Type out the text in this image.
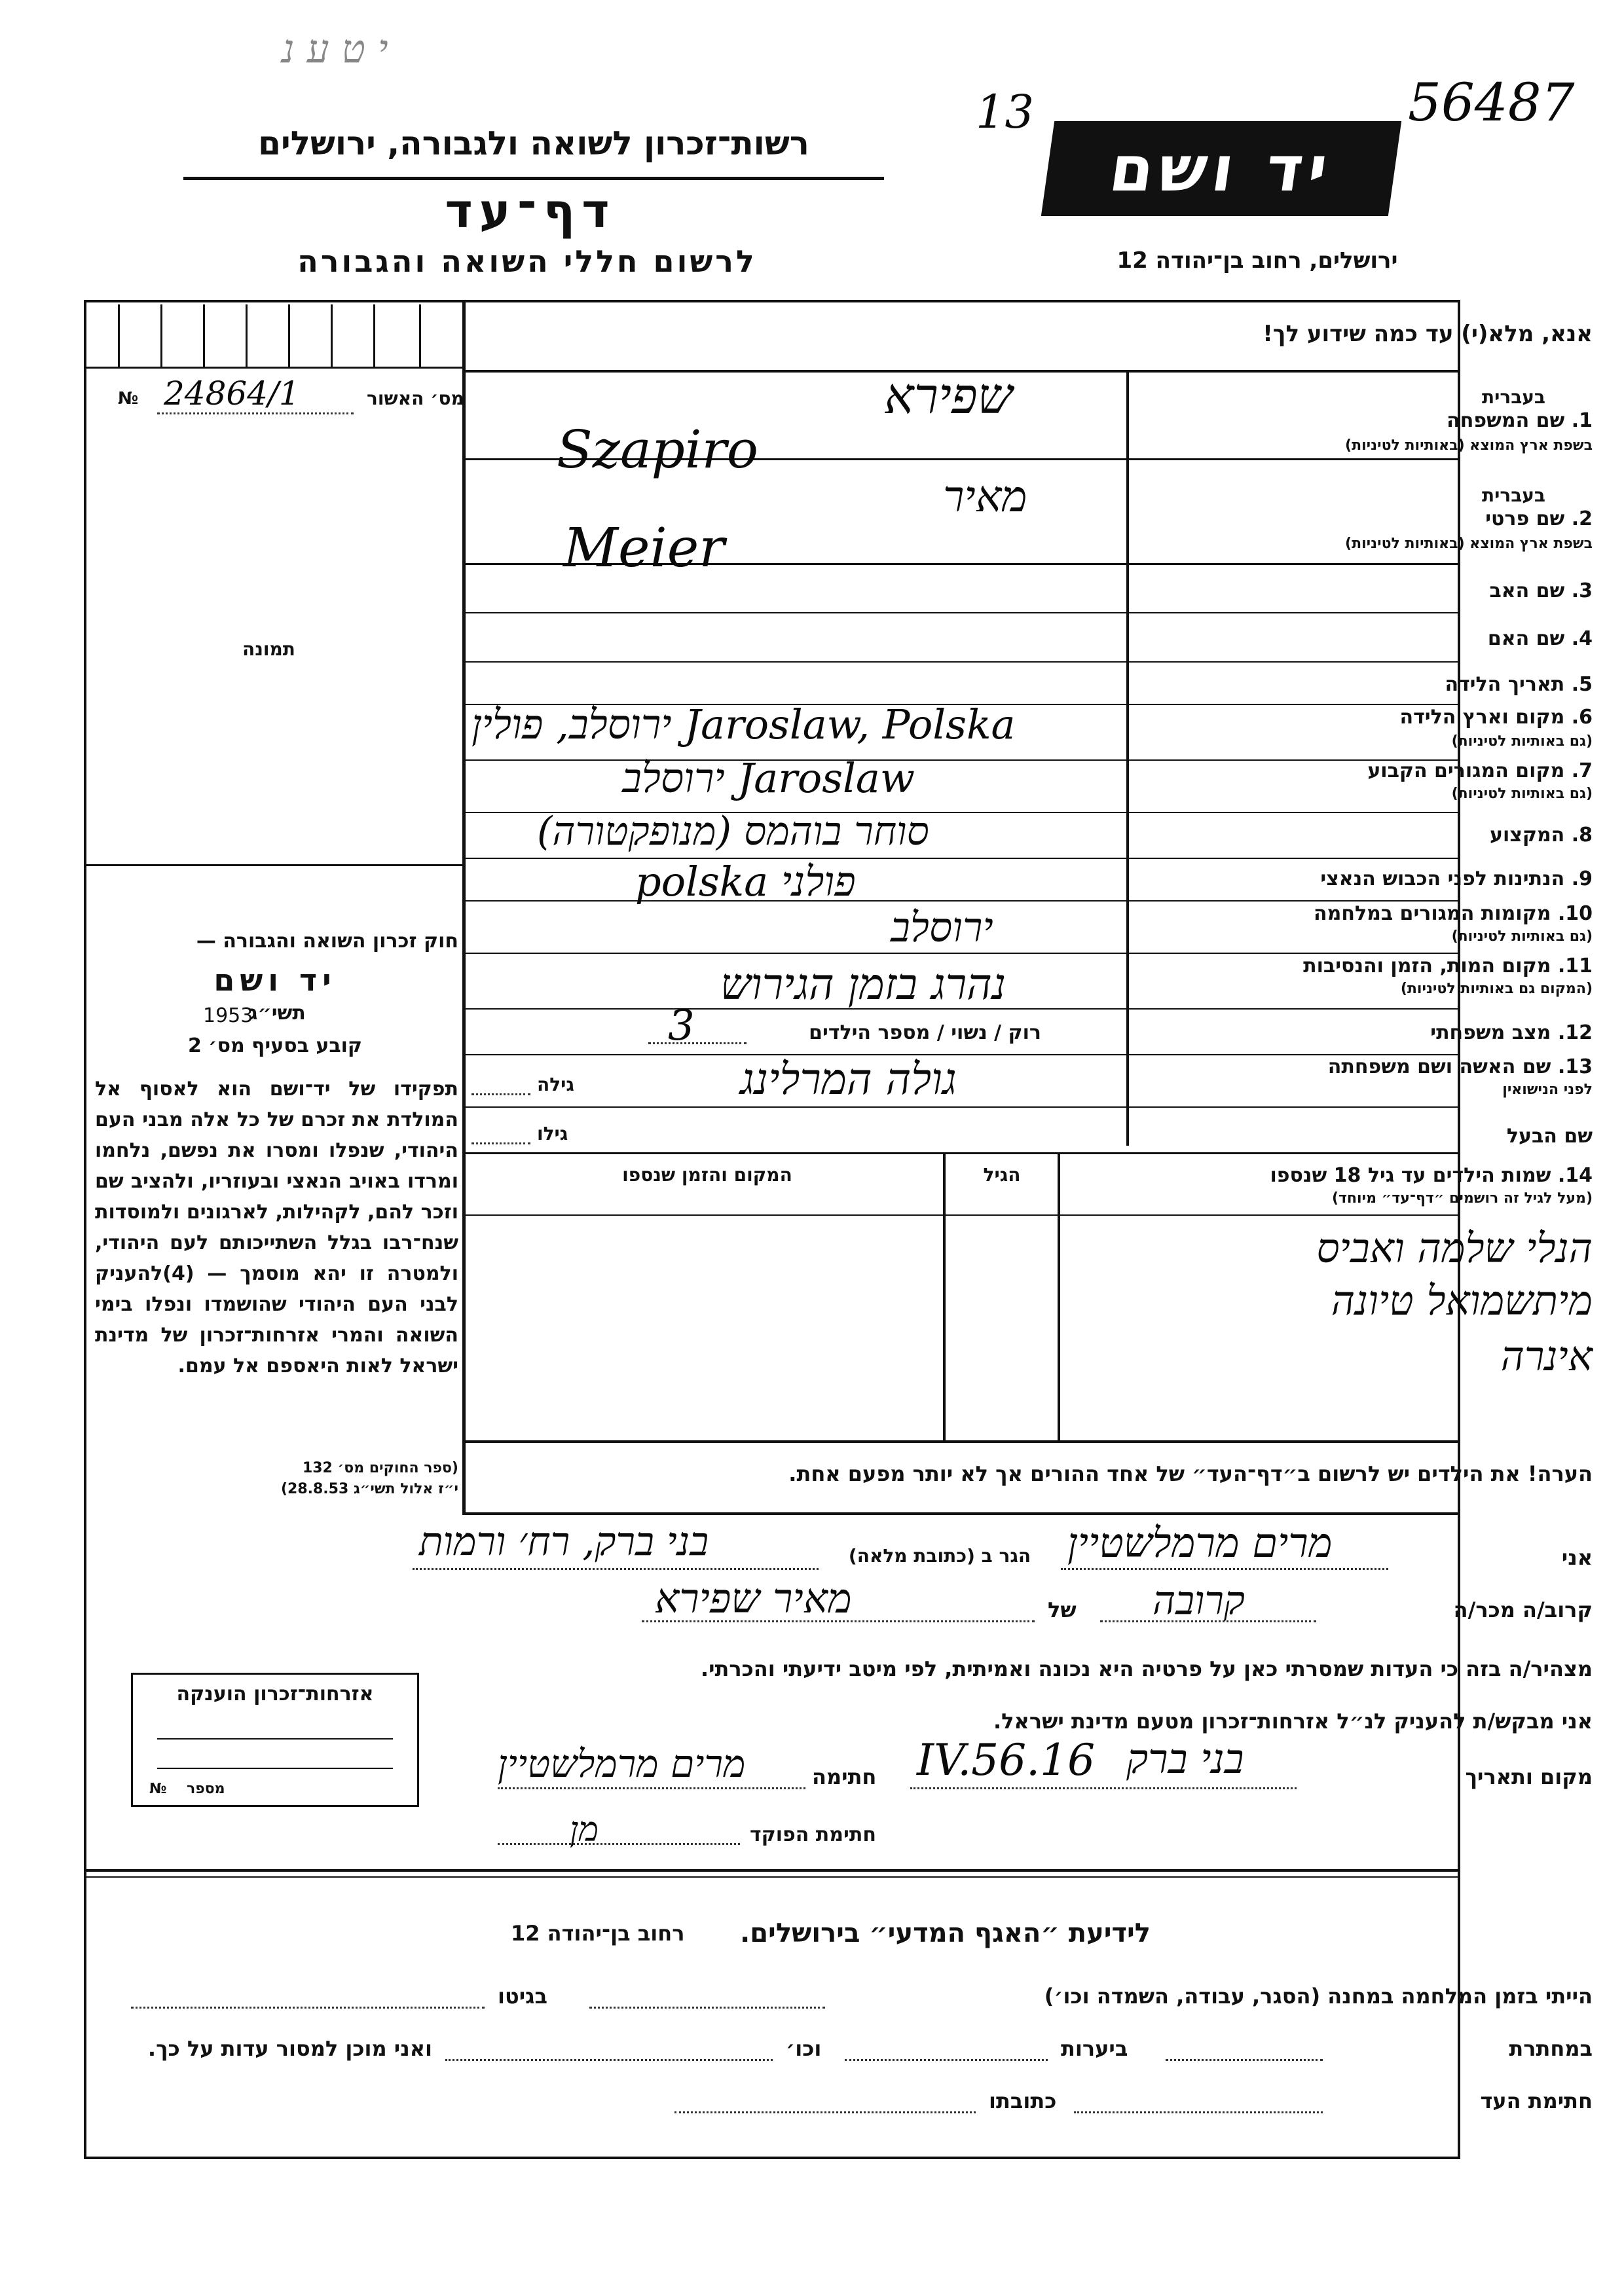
י ט ע נ
56487
13
רשות־זכרון לשואה ולגבורה, ירושלים
דף־עד
לרשום חללי השואה והגבורה
יד ושם
ירושלים, רחוב בן־יהודה 12
אנא, מלא(י) עד כמה שידוע לך!
מס׳ האשור
№ 24864/1
תמונה
חוק זכרון השואה והגבורה —
יד ושם
תשי״ג
1953
קובע בסעיף מס׳ 2
תפקידו של יד־ושם הוא לאסוף אל המולדת את זכרם של כל אלה מבני העם היהודי, שנפלו ומסרו את נפשם, נלחמו ומרדו באויב הנאצי ובעוזריו, ולהציב שם וזכר להם, לקהילות, לארגונים ולמוסדות שנח־רבו בגלל השתייכותם לעם היהודי, ולמטרה זו יהא מוסמך — (4)להעניק לבני העם היהודי שהושמדו ונפלו בימי השואה והמרי אזרחות־זכרון של מדינת ישראל לאות היאספם אל עמם.
(ספר החוקים מס׳ 132
י״ז אלול תשי״ג 28.8.53)
בעברית
1. שם המשפחה
בשפת ארץ המוצא (באותיות לטיניות)
שפירא
Szapiro
בעברית
2. שם פרטי
בשפת ארץ המוצא (באותיות לטיניות)
מאיר
Meier
3. שם האב
4. שם האם
5. תאריך הלידה
6. מקום וארץ הלידה
(גם באותיות לטיניות)
Jaroslaw, Polska ירוסלב, פולין
7. מקום המגורים הקבוע
(גם באותיות לטיניות)
Jaroslaw ירוסלב
8. המקצוע
סוחר בוהמס (מנופקטורה)
9. הנתינות לפני הכבוש הנאצי
פולני polska
10. מקומות המגורים במלחמה
(גם באותיות לטיניות)
ירוסלב
11. מקום המות, הזמן והנסיבות
(המקום גם באותיות לטיניות)
נהרג בזמן הגירוש
12. מצב משפחתי
רוק / נשוי / מספר הילדים
3
13. שם האשה ושם משפחתה
לפני הנישואין
גולה המרלינג
גילה
שם הבעל
גילו
14. שמות הילדים עד גיל 18 שנספו
(מעל לגיל זה רושמים ״דף־עד״ מיוחד)
הגיל
המקום והזמן שנספו
הנלי שלמה ואביס
מיתשמואל טיונה
אינרה
הערה! את הילדים יש לרשום ב״דף־העד״ של אחד ההורים אך לא יותר מפעם אחת.
אני
מרים מרמלשטיין
הגר ב (כתובת מלאה)
בני ברק, רח׳ ורמות
קרוב/ה מכר/ה
קרובה
של
מאיר שפירא
מצהיר/ה בזה כי העדות שמסרתי כאן על פרטיה היא נכונה ואמיתית, לפי מיטב ידיעתי והכרתי.
אני מבקש/ת להעניק לנ״ל אזרחות־זכרון מטעם מדינת ישראל.
מקום ותאריך
בני ברק
16.IV.56
חתימה
מרים מרמלשטיין
חתימת הפוקד
מן
אזרחות־זכרון הוענקה
מספר
№
לידיעת ״האגף המדעי״ בירושלים.
רחוב בן־יהודה 12
הייתי בזמן המלחמה במחנה (הסגר, עבודה, השמדה וכו׳)
בגיטו
במחתרת
ביערות
וכו׳
ואני מוכן למסור עדות על כך.
חתימת העד
כתובתו
